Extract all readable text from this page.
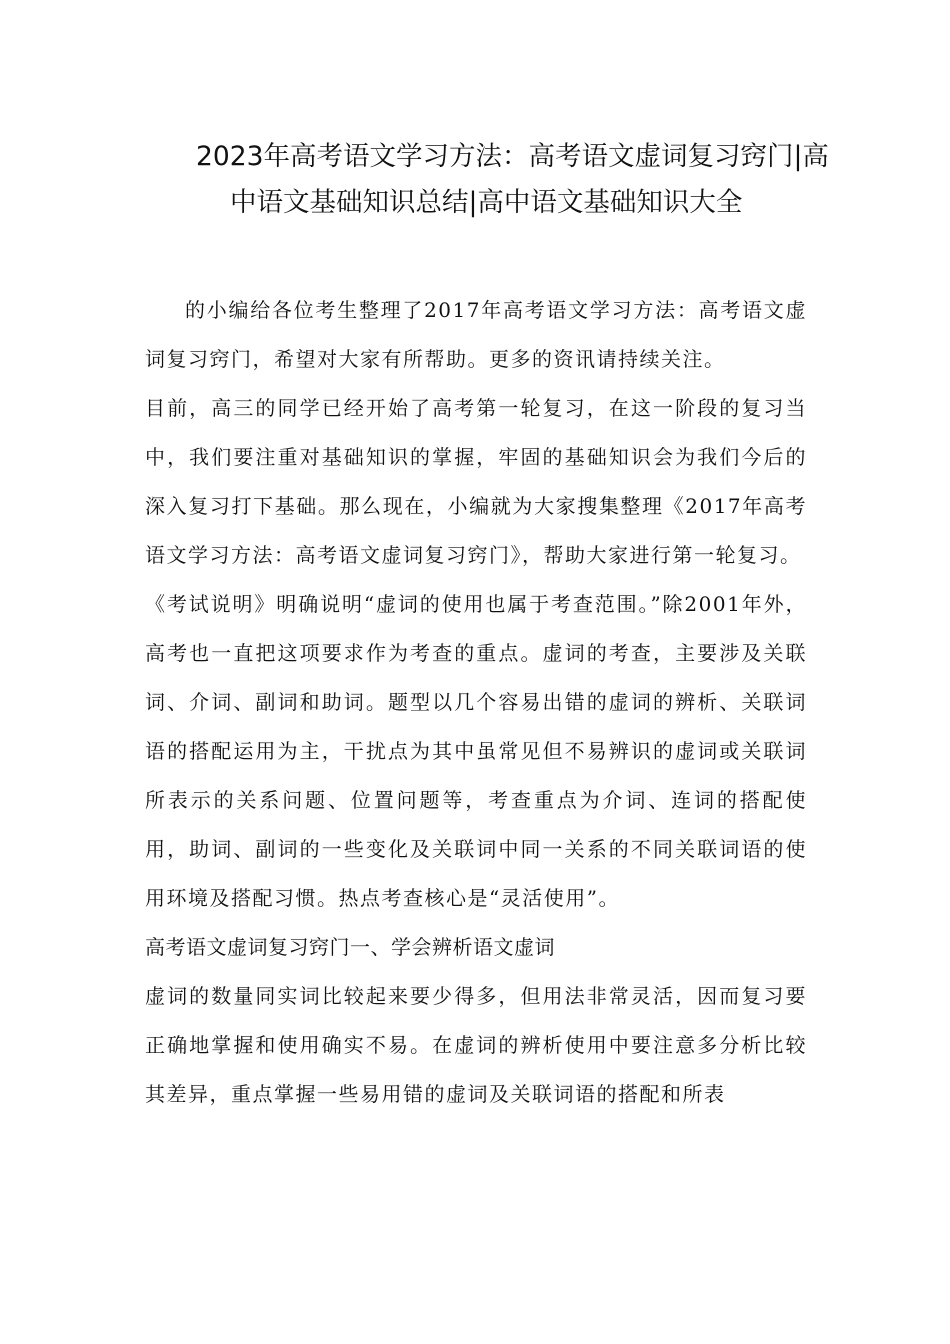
2023年高考语文学习方法：高考语文虚词复习窍门|高
中语文基础知识总结|高中语文基础知识大全

的小编给各位考生整理了2017年高考语文学习方法：高考语文虚词复习窍门，希望对大家有所帮助。更多的资讯请持续关注。

目前，高三的同学已经开始了高考第一轮复习，在这一阶段的复习当中，我们要注重对基础知识的掌握，牢固的基础知识会为我们今后的深入复习打下基础。那么现在，小编就为大家搜集整理《2017年高考语文学习方法：高考语文虚词复习窍门》，帮助大家进行第一轮复习。

《考试说明》明确说明“虚词的使用也属于考查范围。”除2001年外，高考也一直把这项要求作为考查的重点。虚词的考查，主要涉及关联词、介词、副词和助词。题型以几个容易出错的虚词的辨析、关联词语的搭配运用为主，干扰点为其中虽常见但不易辨识的虚词或关联词所表示的关系问题、位置问题等，考查重点为介词、连词的搭配使用，助词、副词的一些变化及关联词中同一关系的不同关联词语的使用环境及搭配习惯。热点考查核心是“灵活使用”。

高考语文虚词复习窍门一、学会辨析语文虚词

虚词的数量同实词比较起来要少得多，但用法非常灵活，因而复习要正确地掌握和使用确实不易。在虚词的辨析使用中要注意多分析比较其差异，重点掌握一些易用错的虚词及关联词语的搭配和所表
